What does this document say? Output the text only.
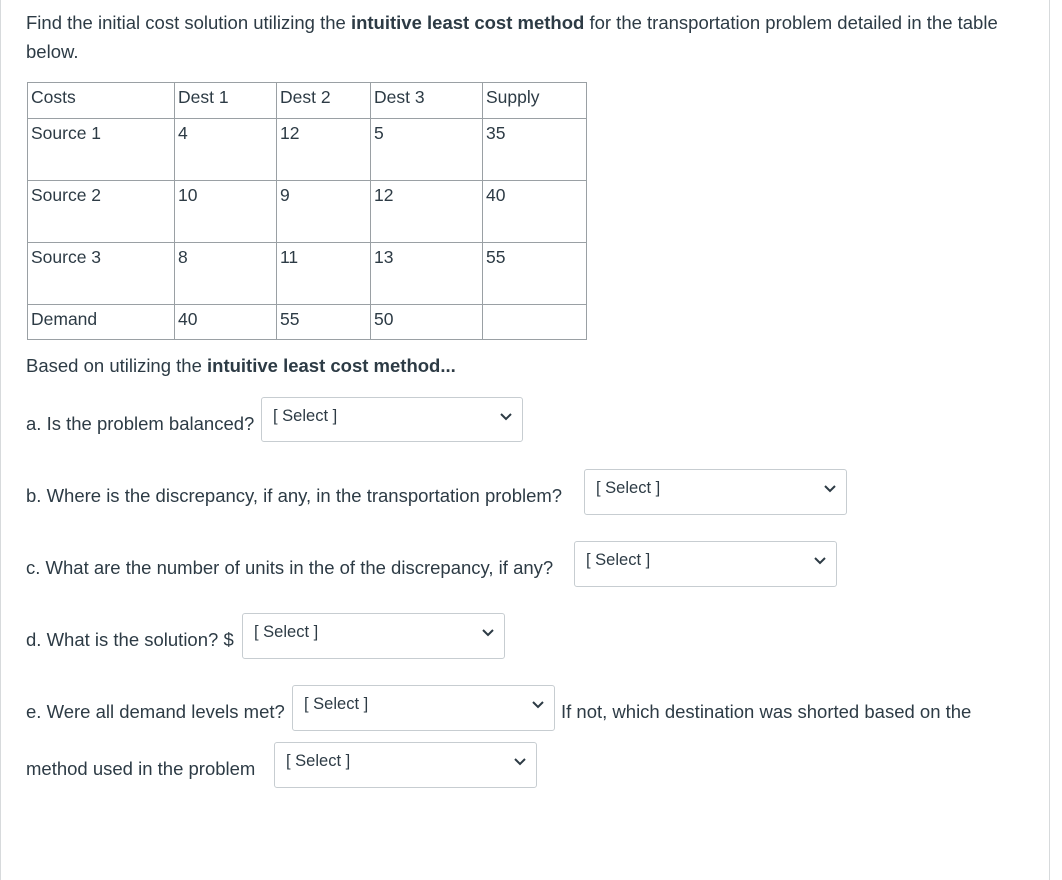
Find the initial cost solution utilizing the intuitive least cost method for the transportation problem detailed in the table below.
Costs	Dest 1	Dest 2	Dest 3	Supply
Source 1	4	12	5	35
Source 2	10	9	12	40
Source 3	8	11	13	55
Demand	40	55	50	
Based on utilizing the intuitive least cost method...
a. Is the problem balanced? [ Select ]
b. Where is the discrepancy, if any, in the transportation problem? [ Select ]
c. What are the number of units in the of the discrepancy, if any? [ Select ]
d. What is the solution? $ [ Select ]
e. Were all demand levels met? [ Select ]	If not, which destination was shorted based on the
method used in the problem [ Select ]
